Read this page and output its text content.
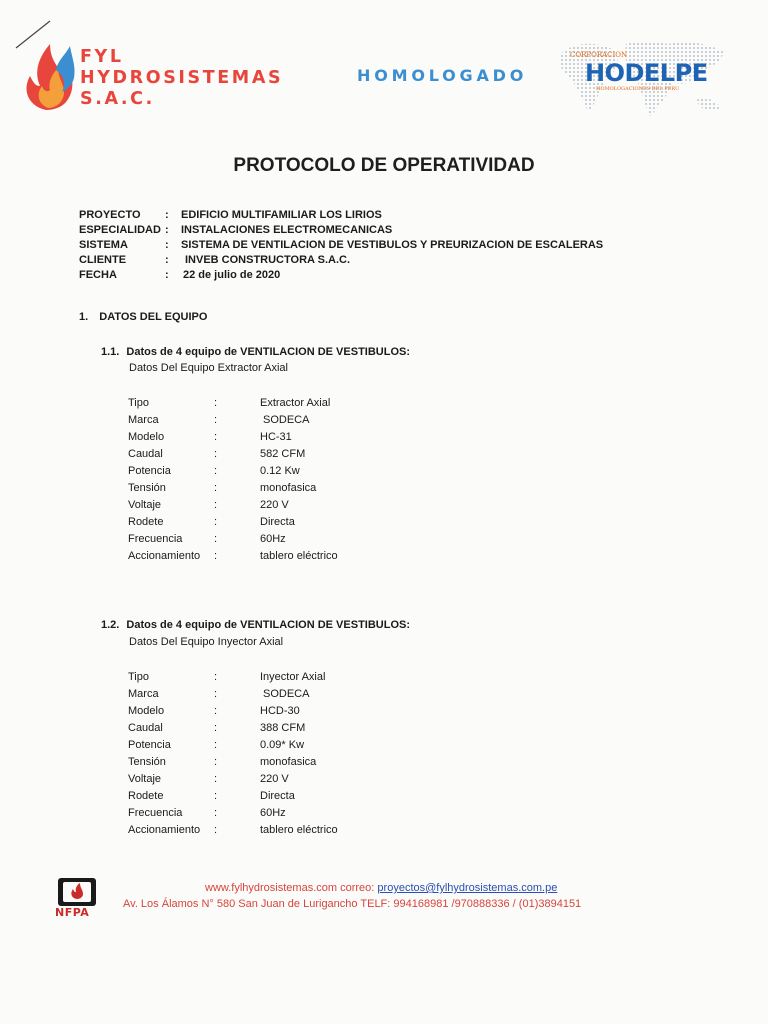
FYL
HYDROSISTEMAS
S.A.C.
HOMOLOGADO
CORPORACION
HODELPE
HOMOLOGACIONES DEL PERU
PROTOCOLO DE OPERATIVIDAD
PROYECTO : EDIFICIO MULTIFAMILIAR LOS LIRIOS
ESPECIALIDAD : INSTALACIONES ELECTROMECANICAS
SISTEMA	: SISTEMA DE VENTILACION DE VESTIBULOS Y PREURIZACION DE ESCALERAS
CLIENTE	: INVEB CONSTRUCTORA S.A.C.
FECHA	: 22 de julio de 2020
1. DATOS DEL EQUIPO
1.1. Datos de 4 equipo de VENTILACION DE VESTIBULOS:
Datos Del Equipo Extractor Axial
Tipo	:	Extractor Axial
Marca	:	SODECA
Modelo	:	HC-31
Caudal	:	582 CFM
Potencia	:	0.12 Kw
Tensión	:	monofasica
Voltaje	:	220 V
Rodete	:	Directa
Frecuencia	:	60Hz
Accionamiento :	tablero eléctrico
1.2. Datos de 4 equipo de VENTILACION DE VESTIBULOS:
Datos Del Equipo Inyector Axial
Tipo	:	Inyector Axial
Marca	:	SODECA
Modelo	:	HCD-30
Caudal	:	388 CFM
Potencia	:	0.09* Kw
Tensión	:	monofasica
Voltaje	:	220 V
Rodete	:	Directa
Frecuencia	:	60Hz
Accionamiento :	tablero eléctrico
NFPA
www.fylhydrosistemas.com correo: proyectos@fylhydrosistemas.com.pe
Av. Los Álamos N° 580 San Juan de Lurigancho TELF: 994168981 /970888336 / (01)3894151
